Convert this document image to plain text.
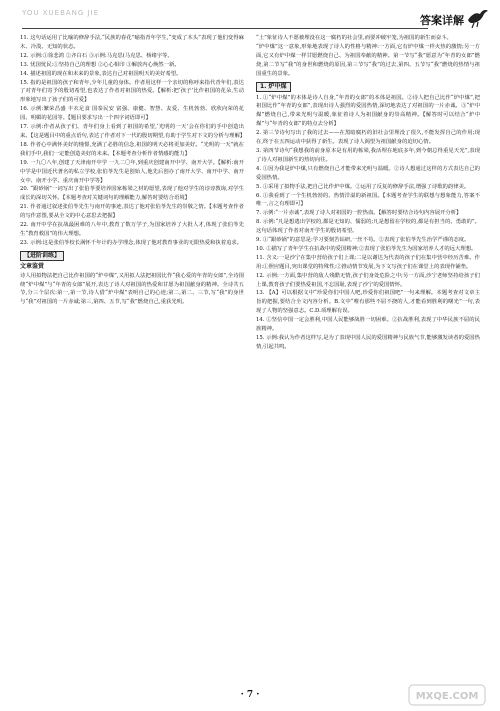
YOU XUEBANG JIE
答案详解

11. 这句话运用了比喻的修辞手法,“民族的春花”喻指青年学生,“变成了木头”表现了他们变得麻木、冷漠、无知的状态。

12. 示例:①徐悲鸿 ②齐白石 ③示例:马克思(马克思、杨绪宇等。

13. 忧国忧民:①坚持自己的理想 ②心心相印 ③解放内心焕然一新。

14. 描述祖国的现在和未来的景象,表达自己对祖国明天的美好希望。

15. 指的是祖国的孩子和青年,少年儿童的身体。作者用这样一个亲切的称呼来指代青年们,表达了对青年们寄予的殷切希望,也表达了作者对祖国的热爱。【解析:把‘孩子’比作祖国的花朵,生动形象地写出了孩子们的可爱】

16. 示例:繁荣昌盛 丰衣足食 国泰民安 富强、康健、智慧、友爱、生机勃勃、欣欣向荣的花园、明媚的花园等。【题目要求写出一个四字词语即可】

17. 示例:作者从孩子们、青年们身上看到了祖国的希望,‘光明的一天’会在你们的手中创造出来。【这是题目中的重点语句,表达了作者对下一代的殷切期望,有助于学生对下文的分析与理解】

18. 作者心中满怀美好的憧憬,充满了必胜的信念,祖国的明天必将更加美好。“光明的一天”就在我们手中,我们一定能创造美好的未来。【本题考查分析作者情感的能力】

19. 一九〇八年,创建了天津南开中学 一九二〇年,到重庆创建南开中学、南开大学。【解析:南开中学是中国近代著名的私立学校,张伯苓先生是创始人,他先后创办了南开大学、南开中学、南开女中、南开小学、重庆南开中学等】

20. “跟砂锅”一词写出了张伯苓要培养国家栋梁之材的愿望,表现了他对学生的谆谆教诲,对学生成长的深切关怀。【本题考查对关键词句的理解能力,解答时要结合语境】

21. 作者通过叙述张伯苓先生与南开的事迹,表达了他对张伯苓先生的崇敬之情。【本题考查作者的写作意图,要从全文的中心意思去把握】

22. 南开中学在抗战最困难的八年中,教育了数万学子,为国家培养了大批人才,体现了张伯苓先生“教育救国”的伟大理想。

23. 示例:这是张伯苓校长满怀千年计的办学理念,体现了他对教育事业的无限热爱和执着追求。

【进阶训练】
文章鉴赏

诗人用拟物法把自己比作祖国的“炉中煤”,又用拟人法把祖国比作“我心爱的年青的女郎”,全诗围绕“炉中煤”与“年青的女郎”展开,表达了诗人对祖国的热爱和甘愿为祖国献身的精神。全诗共五节,分三个层次:第一,第一节,诗人借“炉中煤”表明自己的心迹;第二,第二、三节,写“我”的身世与“我”对祖国的一片赤诚;第三,第四、五节,写“我”燃烧自己,重获光明。

“土”象征诗人不愿被埋没在这一腐朽的社会里,而要冲破牢笼,为祖国的新生而奋斗。

“炉中煤”这一意象,形象地表现了诗人的性格与精神:一方面,它有炉中煤一样火热的激情;另一方面,它又有炉中煤一样甘愿燃烧自己、为祖国奉献的精神。第一节写“我”愿意为“年青的女郎”燃烧,第二节写“我”的身世和燃烧的原因,第三节写“我”的过去,第四、五节写“我”燃烧的热情与祖国重生的景象。

1. 炉中煤

1. ①“炉中煤”的本体是诗人自身,“年青的女郎”的本体是祖国。②诗人把自己比作“炉中煤”,把祖国比作“年青的女郎”,表现出诗人强烈的爱国热情,深切地表达了对祖国的一片赤诚。③“炉中煤”燃烧自己,带来光明与温暖,象征着诗人为祖国献身的崇高精神。【解答时可以结合“炉中煤”与“年青的女郎”的特点去分析】

2. 第三节诗句写出了我的过去——在黑暗腐朽的旧社会里埋没了很久,不能发挥自己的作用;现在,终于在五四运动中获得了新生。表现了诗人渴望为祖国献身的迫切心情。

3. 第四节诗句“我想我的前身原本是有用的栋梁,我活埋在地底多年,到今朝总得重见天光”,表现了诗人对祖国新生的热切向往。

4. ①因为我是炉中煤,只有燃烧自己才能带来光明与温暖。②诗人想通过这样的方式表达自己的爱国热情。

5. ①采用了拟物手法,把自己比作炉中煤。②运用了反复的修辞手法,增强了诗歌的韵律美。

6. ①我看到了一个生机勃勃的、热情洋溢的新祖国。【本题考查学生的联想与想象能力,答案不唯一,言之有理即可】

7. 示例:“一片赤诚”,表现了诗人对祖国的一腔热血。【解答时要结合诗句内容展开分析】

8. 示例:“凡是想逃出学校的,都是无知的、懦弱的;凡是想留在学校的,都是有担当的、勇敢的”。这句话体现了作者对南开学生的殷切希望。

9. ①“跟砂锅”的意思是:学习要刻苦钻研,一丝不苟。②表现了张伯苓先生治学严谨的态度。

10. ①描写了青年学生在抗战中的爱国精神;②表现了张伯苓先生为国家培养人才的远大理想。

11. 含义:一是沙宁在集中营给孩子们上课;二是以谢达为代表的孩子们在集中营中经历苦难。作用:①照应题目,突出课堂的特殊性;②推动情节发展,为下文写孩子们在课堂上的表现作铺垫。

12. 示例:一方面,集中营的敌人残酷无情,孩子们身处危险之中;另一方面,沙宁老师坚持给孩子们上课,教育孩子们要热爱祖国,不忘国耻,表现了沙宁的爱国情怀。

13. 【A】可以根据文中“珍爱你们中国人吧,珍爱你们祖国吧”一句来理解。本题考查对文章主旨的把握,要结合全文内容分析。B.文中“唯有那些不屈不挠的人,才能看到胜利的曙光”一句,表现了人物的坚强意志。C.D.项理解有误。

14. ①坚信中国一定会胜利,中国人民能够战胜一切困难。②抗战胜利,表现了中华民族不屈的民族精神。

15. 示例:我认为作者这样写,是为了表现中国人民的爱国精神与民族气节,能够激发读者的爱国热情,引起共鸣。

· 7 ·	MXQE.COM
